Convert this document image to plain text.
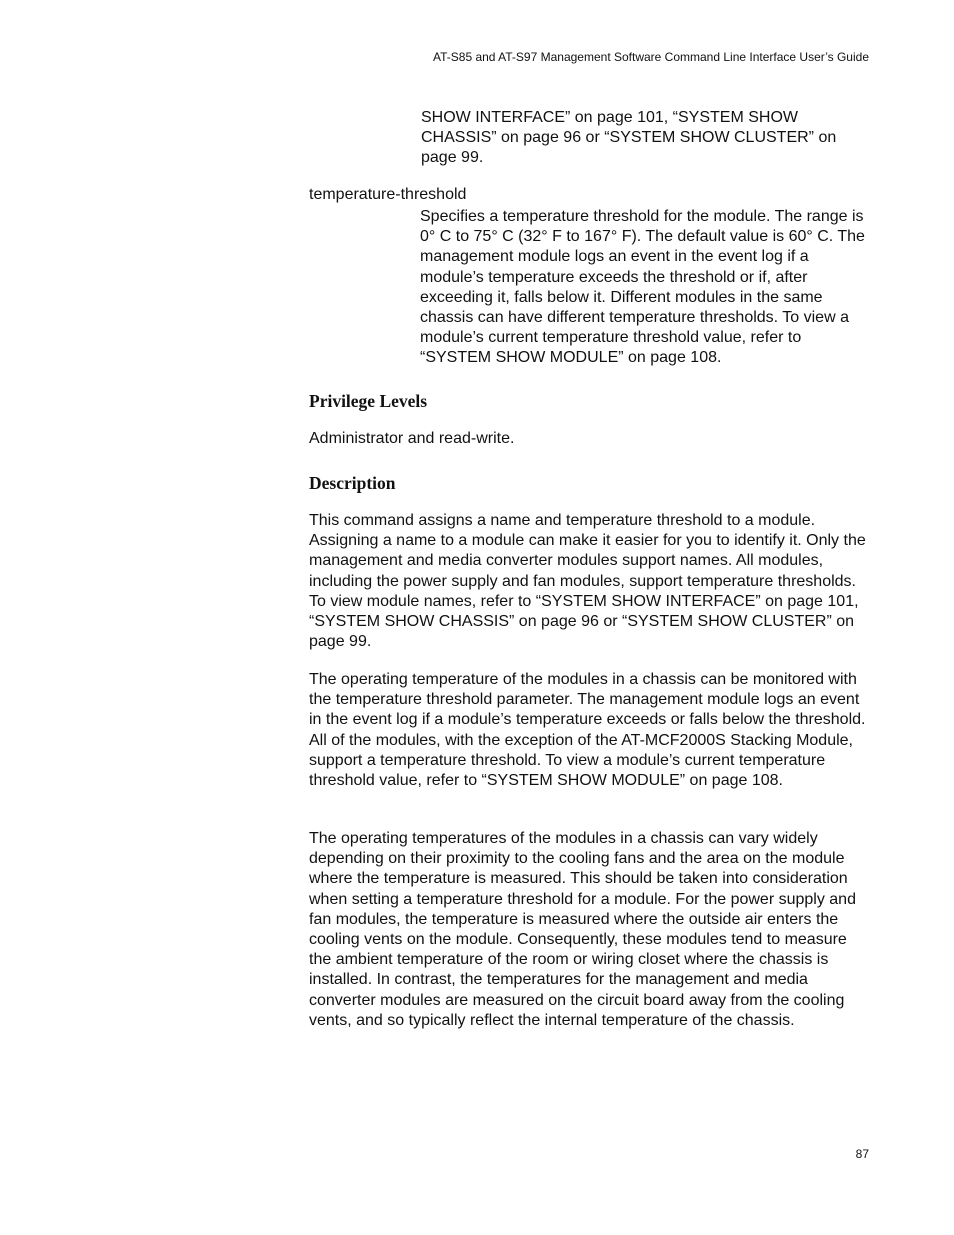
AT-S85 and AT-S97 Management Software Command Line Interface User’s Guide
SHOW INTERFACE” on page 101, “SYSTEM SHOW CHASSIS” on page 96 or “SYSTEM SHOW CLUSTER” on page 99.
temperature-threshold
Specifies a temperature threshold for the module. The range is 0° C to 75° C (32° F to 167° F). The default value is 60° C. The management module logs an event in the event log if a module’s temperature exceeds the threshold or if, after exceeding it, falls below it. Different modules in the same chassis can have different temperature thresholds. To view a module’s current temperature threshold value, refer to “SYSTEM SHOW MODULE” on page 108.
Privilege Levels

Administrator and read-write.

Description

This command assigns a name and temperature threshold to a module. Assigning a name to a module can make it easier for you to identify it. Only the management and media converter modules support names. All modules, including the power supply and fan modules, support temperature thresholds. To view module names, refer to “SYSTEM SHOW INTERFACE” on page 101, “SYSTEM SHOW CHASSIS” on page 96 or “SYSTEM SHOW CLUSTER” on page 99.

The operating temperature of the modules in a chassis can be monitored with the temperature threshold parameter. The management module logs an event in the event log if a module’s temperature exceeds or falls below the threshold. All of the modules, with the exception of the AT-MCF2000S Stacking Module, support a temperature threshold. To view a module’s current temperature threshold value, refer to “SYSTEM SHOW MODULE” on page 108.

The operating temperatures of the modules in a chassis can vary widely depending on their proximity to the cooling fans and the area on the module where the temperature is measured. This should be taken into consideration when setting a temperature threshold for a module. For the power supply and fan modules, the temperature is measured where the outside air enters the cooling vents on the module. Consequently, these modules tend to measure the ambient temperature of the room or wiring closet where the chassis is installed. In contrast, the temperatures for the management and media converter modules are measured on the circuit board away from the cooling vents, and so typically reflect the internal temperature of the chassis.

87
